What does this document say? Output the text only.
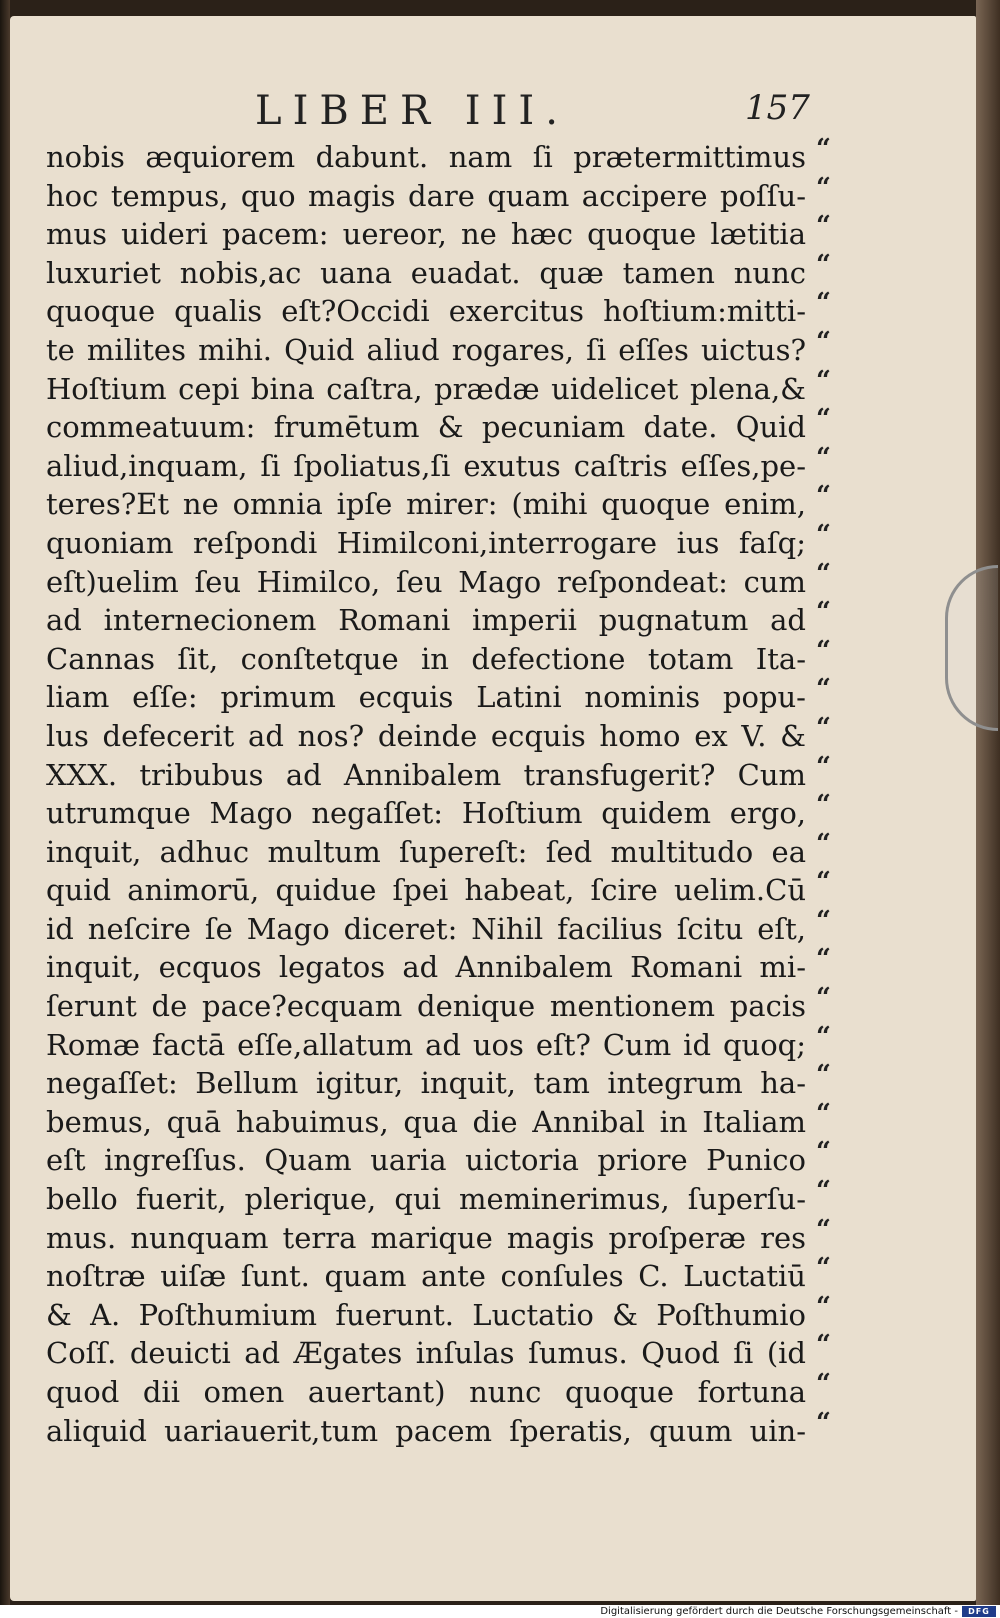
LIBER III.	157
nobis æquiorem dabunt. nam ſi prætermittimus
hoc tempus, quo magis dare quam accipere poſſu-
mus uideri pacem: uereor, ne hæc quoque lætitia
luxuriet nobis,ac uana euadat. quæ tamen nunc
quoque qualis eſt?Occidi exercitus hoſtium:mitti-
te milites mihi. Quid aliud rogares, ſi eſſes uictus?
Hoſtium cepi bina caſtra, prædæ uidelicet plena,&
commeatuum: frumētum & pecuniam date. Quid
aliud,inquam, ſi ſpoliatus,ſi exutus caſtris eſſes,pe-
teres?Et ne omnia ipſe mirer: (mihi quoque enim,
quoniam reſpondi Himilconi,interrogare ius faſq;
eſt)uelim ſeu Himilco, ſeu Mago reſpondeat: cum
ad internecionem Romani imperii pugnatum ad
Cannas ſit, conſtetque in defectione totam Ita-
liam eſſe: primum ecquis Latini nominis popu-
lus defecerit ad nos? deinde ecquis homo ex V. &
XXX. tribubus ad Annibalem transfugerit? Cum
utrumque Mago negaſſet: Hoſtium quidem ergo,
inquit, adhuc multum ſupereſt: ſed multitudo ea
quid animorū, quidue ſpei habeat, ſcire uelim.Cū
id neſcire ſe Mago diceret: Nihil facilius ſcitu eſt,
inquit, ecquos legatos ad Annibalem Romani mi-
ſerunt de pace?ecquam denique mentionem pacis
Romæ factā eſſe,allatum ad uos eſt? Cum id quoq;
negaſſet: Bellum igitur, inquit, tam integrum ha-
bemus, quā habuimus, qua die Annibal in Italiam
eſt ingreſſus. Quam uaria uictoria priore Punico
bello fuerit, plerique, qui meminerimus, ſuperſu-
mus. nunquam terra marique magis proſperæ res
noſtræ uiſæ ſunt. quam ante conſules C. Luctatiū
& A. Poſthumium fuerunt. Luctatio & Poſthumio
Coſſ. deuicti ad Ægates inſulas ſumus. Quod ſi (id
quod dii omen auertant) nunc quoque fortuna
aliquid uariauerit,tum pacem ſperatis, quum uin-
“
“
“
“
“
“
“
“
“
“
“
“
“
“
“
“
“
“
“
“
“
“
“
“
“
“
“
“
“
“
“
“
“
“
Digitalisierung gefördert durch die Deutsche Forschungsgemeinschaft -	DFG
